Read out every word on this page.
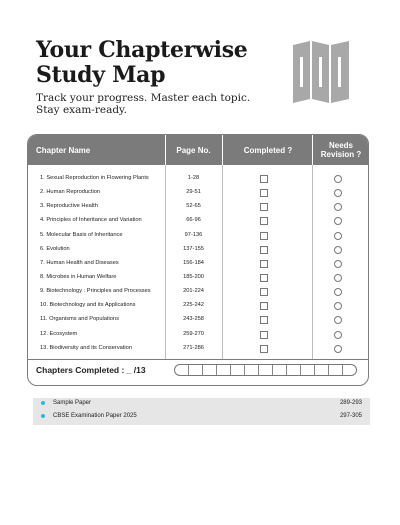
Your Chapterwise
Study Map
Track your progress. Master each topic.
Stay exam-ready.
Chapter Name	Page No.	Completed ?	Needs
Revision ?
1. Sexual Reproduction in Flowering Plants	1-28
2. Human Reproduction	29-51
3. Reproductive Health	52-65
4. Principles of Inheritance and Variation	66-96
5. Molecular Basis of Inheritance	97-136
6. Evolution	137-155
7. Human Health and Diseases	156-184
8. Microbes in Human Welfare	185-200
9. Biotechnology : Principles and Processes	201-224
10. Biotechnology and its Applications	225-242
11. Organisms and Populations	243-258
12. Ecosystem	259-270
13. Biodiversity and its Conservation	271-286
Chapters Completed : _ /13
Sample Paper	289-293
CBSE Examination Paper 2025	297-305
